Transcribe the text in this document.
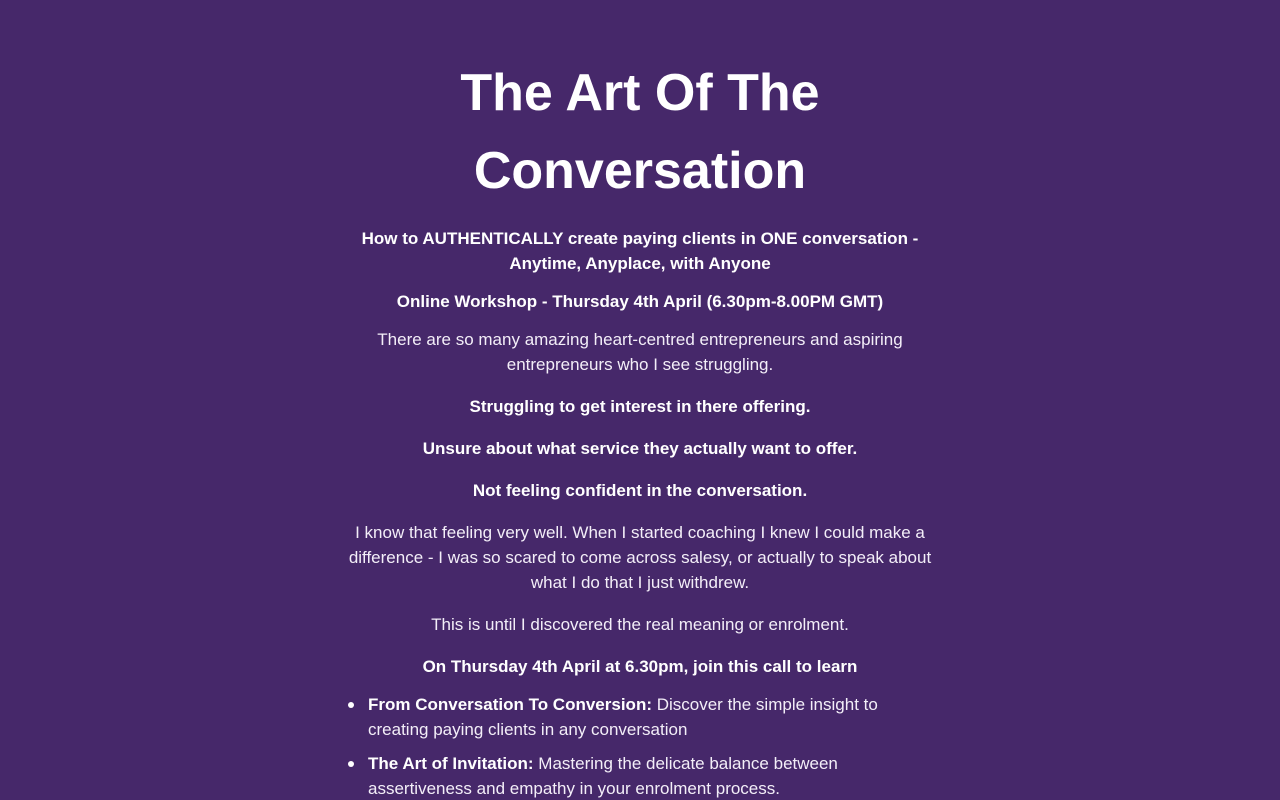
The Art Of The Conversation

How to AUTHENTICALLY create paying clients in ONE conversation - Anytime, Anyplace, with Anyone

Online Workshop - Thursday 4th April (6.30pm-8.00PM GMT)

There are so many amazing heart-centred entrepreneurs and aspiring entrepreneurs who I see struggling.

Struggling to get interest in there offering.

Unsure about what service they actually want to offer.

Not feeling confident in the conversation.

I know that feeling very well. When I started coaching I knew I could make a difference - I was so scared to come across salesy, or actually to speak about what I do that I just withdrew.

This is until I discovered the real meaning or enrolment.

On Thursday 4th April at 6.30pm, join this call to learn

From Conversation To Conversion: Discover the simple insight to creating paying clients in any conversation
The Art of Invitation: Mastering the delicate balance between assertiveness and empathy in your enrolment process.
